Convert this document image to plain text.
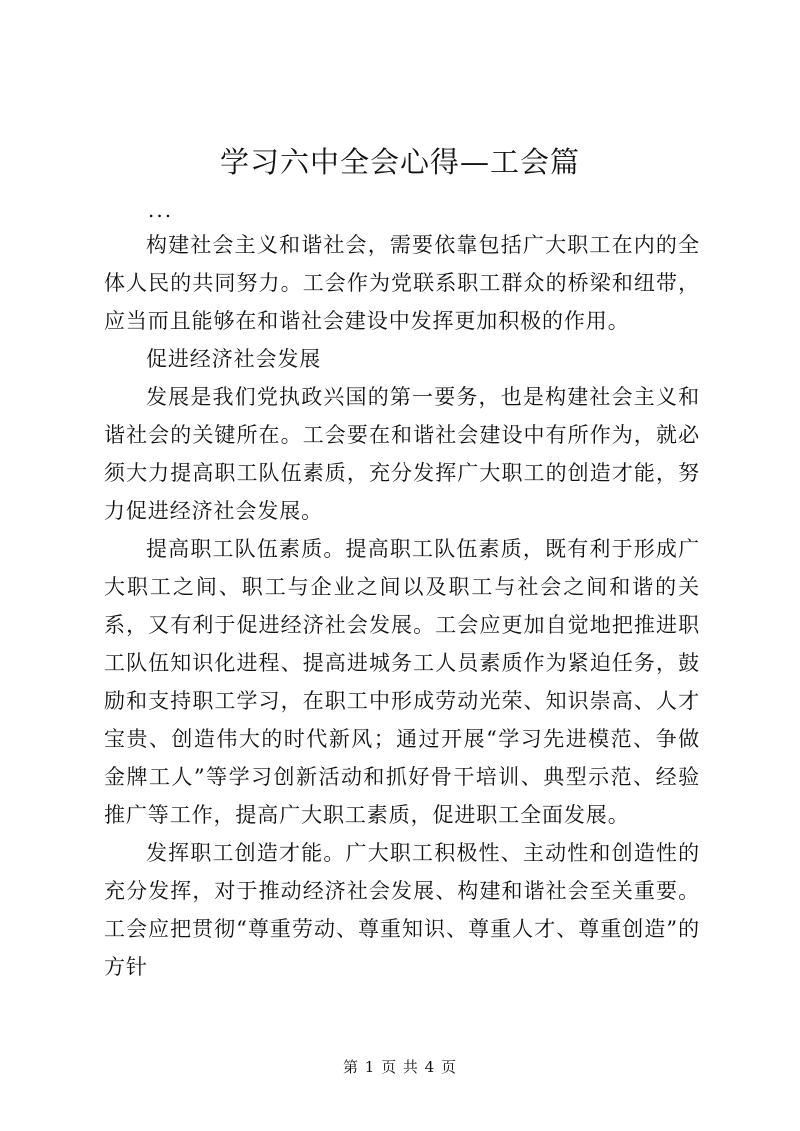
学习六中全会心得—工会篇
...

构建社会主义和谐社会，需要依靠包括广大职工在内的全体人民的共同努力。工会作为党联系职工群众的桥梁和纽带，应当而且能够在和谐社会建设中发挥更加积极的作用。

促进经济社会发展

发展是我们党执政兴国的第一要务，也是构建社会主义和谐社会的关键所在。工会要在和谐社会建设中有所作为，就必须大力提高职工队伍素质，充分发挥广大职工的创造才能，努力促进经济社会发展。

提高职工队伍素质。提高职工队伍素质，既有利于形成广大职工之间、职工与企业之间以及职工与社会之间和谐的关系，又有利于促进经济社会发展。工会应更加自觉地把推进职工队伍知识化进程、提高进城务工人员素质作为紧迫任务，鼓励和支持职工学习，在职工中形成劳动光荣、知识崇高、人才宝贵、创造伟大的时代新风；通过开展“学习先进模范、争做金牌工人”等学习创新活动和抓好骨干培训、典型示范、经验推广等工作，提高广大职工素质，促进职工全面发展。

发挥职工创造才能。广大职工积极性、主动性和创造性的充分发挥，对于推动经济社会发展、构建和谐社会至关重要。工会应把贯彻“尊重劳动、尊重知识、尊重人才、尊重创造”的方针

第 1 页 共 4 页
